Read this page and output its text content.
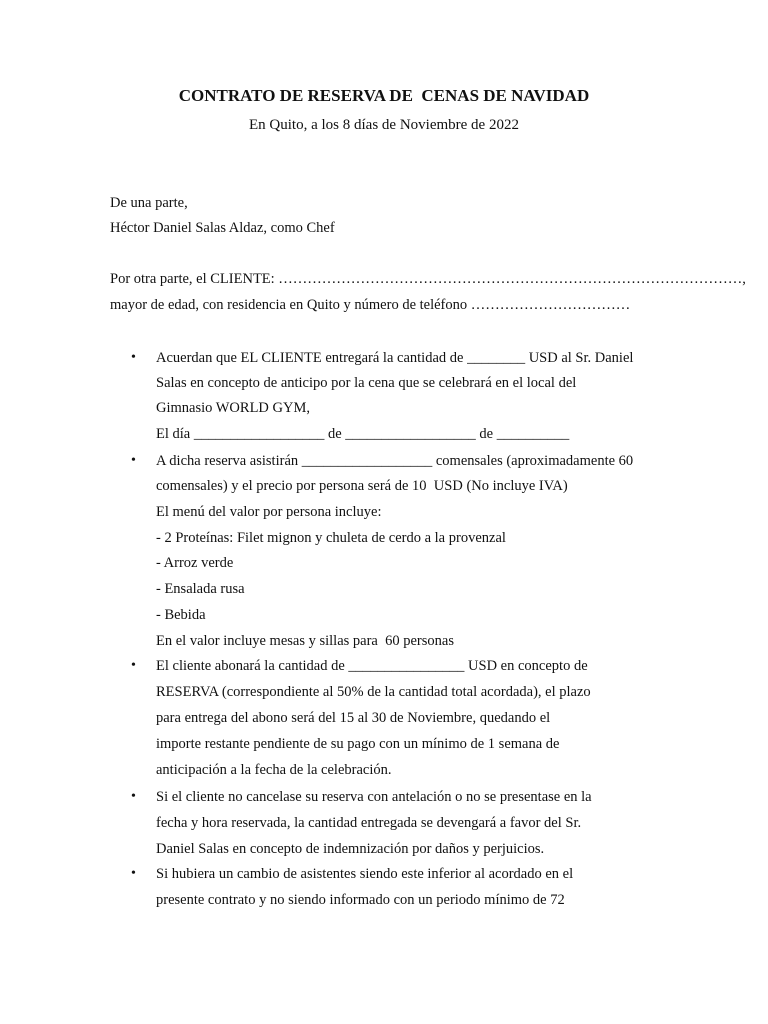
CONTRATO DE RESERVA DE  CENAS DE NAVIDAD
En Quito, a los 8 días de Noviembre de 2022
De una parte,
Héctor Daniel Salas Aldaz, como Chef
Por otra parte, el CLIENTE: ……………………………………………………………………………………,
mayor de edad, con residencia en Quito y número de teléfono ……………………………
• Acuerdan que EL CLIENTE entregará la cantidad de ________ USD al Sr. Daniel
Salas en concepto de anticipo por la cena que se celebrará en el local del
Gimnasio WORLD GYM,
El día __________________ de __________________ de __________
• A dicha reserva asistirán __________________ comensales (aproximadamente 60
comensales) y el precio por persona será de 10  USD (No incluye IVA)
El menú del valor por persona incluye:
- 2 Proteínas: Filet mignon y chuleta de cerdo a la provenzal
- Arroz verde
- Ensalada rusa
- Bebida
En el valor incluye mesas y sillas para  60 personas
• El cliente abonará la cantidad de ________________ USD en concepto de
RESERVA (correspondiente al 50% de la cantidad total acordada), el plazo
para entrega del abono será del 15 al 30 de Noviembre, quedando el
importe restante pendiente de su pago con un mínimo de 1 semana de
anticipación a la fecha de la celebración.
• Si el cliente no cancelase su reserva con antelación o no se presentase en la
fecha y hora reservada, la cantidad entregada se devengará a favor del Sr.
Daniel Salas en concepto de indemnización por daños y perjuicios.
• Si hubiera un cambio de asistentes siendo este inferior al acordado en el
presente contrato y no siendo informado con un periodo mínimo de 72
